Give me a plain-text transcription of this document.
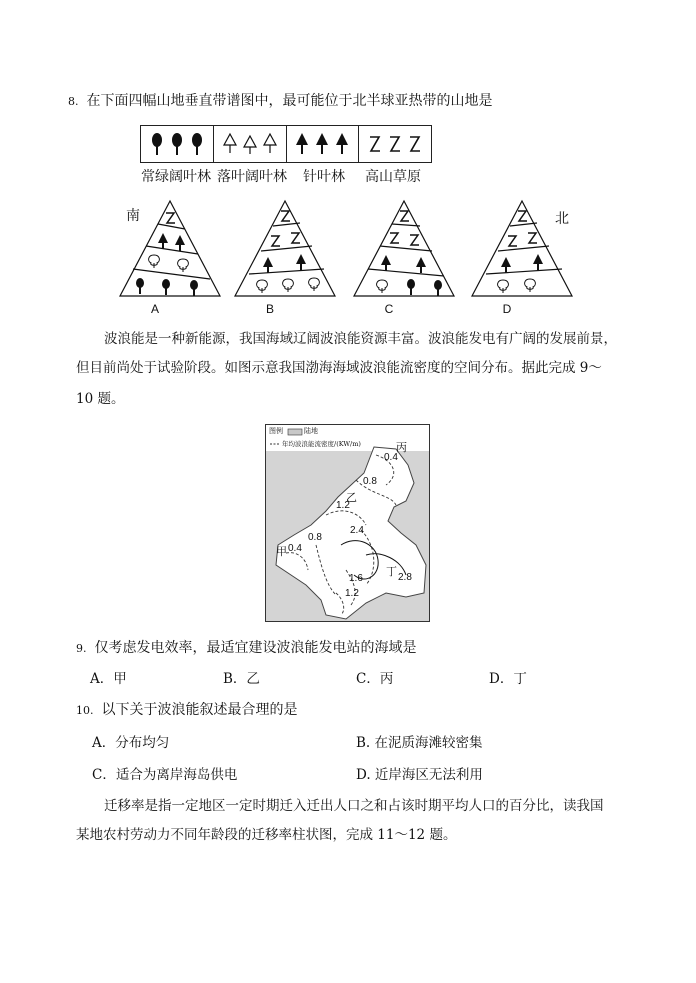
8. 在下面四幅山地垂直带谱图中，最可能位于北半球亚热带的山地是
常绿阔叶林 落叶阔叶林	针叶林	高山草原
南	北
A	B	C	D
波浪能是一种新能源，我国海域辽阔波浪能资源丰富。波浪能发电有广阔的发展前景，
但目前尚处于试验阶段。如图示意我国渤海海域波浪能流密度的空间分布。据此完成 9～
10 题。
图例	陆地
年均波浪能流密度/(KW/m)	丙
乙
甲
丁
0.4
0.8
1.2
0.8
2.4
0.4
1.6
1.2
2.8
9. 仅考虑发电效率，最适宜建设波浪能发电站的海域是
A．甲	B．乙	C．丙	D．丁
10. 以下关于波浪能叙述最合理的是
A．分布均匀	B. 在泥质海滩较密集
C．适合为离岸海岛供电	D. 近岸海区无法利用
迁移率是指一定地区一定时期迁入迁出人口之和占该时期平均人口的百分比，读我国
某地农村劳动力不同年龄段的迁移率柱状图，完成 11～12 题。
